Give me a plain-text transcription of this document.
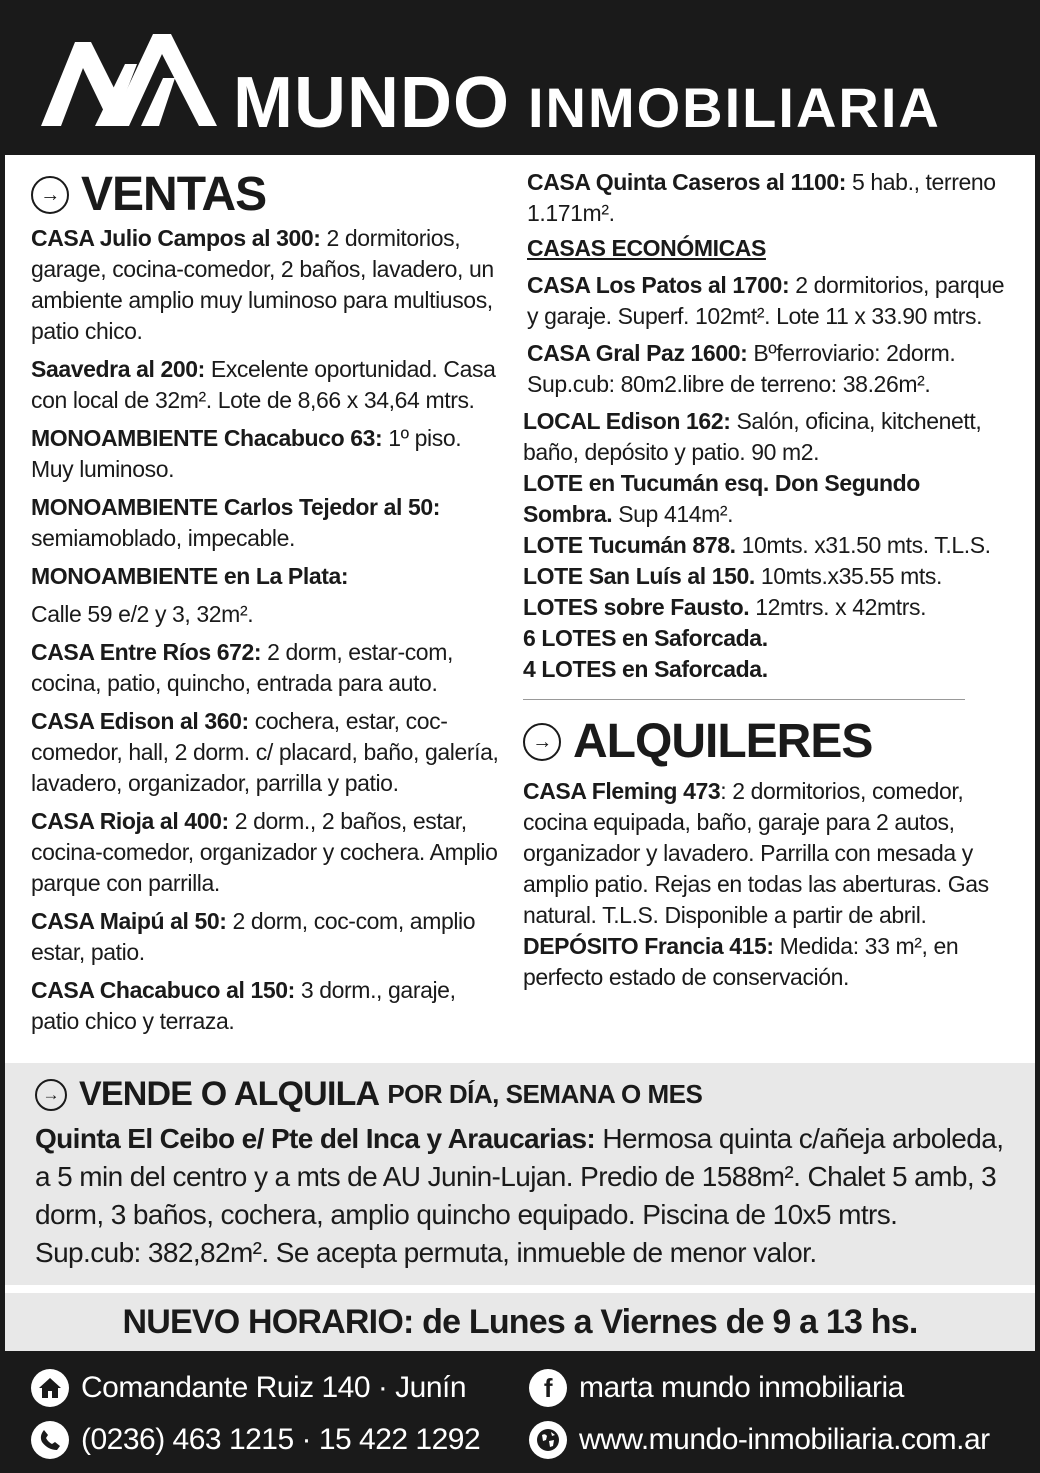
MUNDO INMOBILIARIA
→ VENTAS
CASA Julio Campos al 300: 2 dormitorios, garage, cocina-comedor, 2 baños, lavadero, un ambiente amplio muy luminoso para multiusos, patio chico.
Saavedra al 200: Excelente oportunidad. Casa con local de 32m². Lote de 8,66 x 34,64 mtrs.
MONOAMBIENTE Chacabuco 63: 1º piso. Muy luminoso.
MONOAMBIENTE Carlos Tejedor al 50: semiamoblado, impecable.
MONOAMBIENTE en La Plata:
Calle 59 e/2 y 3, 32m².
CASA Entre Ríos 672: 2 dorm, estar-com, cocina, patio, quincho, entrada para auto.
CASA Edison al 360: cochera, estar, coc-comedor, hall, 2 dorm. c/ placard, baño, galería, lavadero, organizador, parrilla y patio.
CASA Rioja al 400: 2 dorm., 2 baños, estar, cocina-comedor, organizador y cochera. Amplio parque con parrilla.
CASA Maipú al 50: 2 dorm, coc-com, amplio estar, patio.
CASA Chacabuco al 150: 3 dorm., garaje, patio chico y terraza.
CASA Quinta Caseros al 1100: 5 hab., terreno 1.171m².
CASAS ECONÓMICAS
CASA Los Patos al 1700: 2 dormitorios, parque y garaje. Superf. 102mt². Lote 11 x 33.90 mtrs.
CASA Gral Paz 1600: Bºferroviario: 2dorm. Sup.cub: 80m2.libre de terreno: 38.26m².
LOCAL Edison 162: Salón, oficina, kitchenett, baño, depósito y patio. 90 m2.
LOTE en Tucumán esq. Don Segundo Sombra. Sup 414m².
LOTE Tucumán 878. 10mts. x31.50 mts. T.L.S.
LOTE San Luís al 150. 10mts.x35.55 mts.
LOTES sobre Fausto. 12mtrs. x 42mtrs.
6 LOTES en Saforcada.
4 LOTES en Saforcada.
→ ALQUILERES
CASA Fleming 473: 2 dormitorios, comedor, cocina equipada, baño, garaje para 2 autos, organizador y lavadero. Parrilla con mesada y amplio patio. Rejas en todas las aberturas. Gas natural. T.L.S. Disponible a partir de abril.
DEPÓSITO Francia 415: Medida: 33 m², en perfecto estado de conservación.
→ VENDE O ALQUILA POR DÍA, SEMANA O MES
Quinta El Ceibo e/ Pte del Inca y Araucarias: Hermosa quinta c/añeja arboleda, a 5 min del centro y a mts de AU Junin-Lujan. Predio de 1588m². Chalet 5 amb, 3 dorm, 3 baños, cochera, amplio quincho equipado. Piscina de 10x5 mtrs. Sup.cub: 382,82m². Se acepta permuta, inmueble de menor valor.
NUEVO HORARIO: de Lunes a Viernes de 9 a 13 hs.
Comandante Ruiz 140 · Junín
(0236) 463 1215 · 15 422 1292
f marta mundo inmobiliaria
www.mundo-inmobiliaria.com.ar
